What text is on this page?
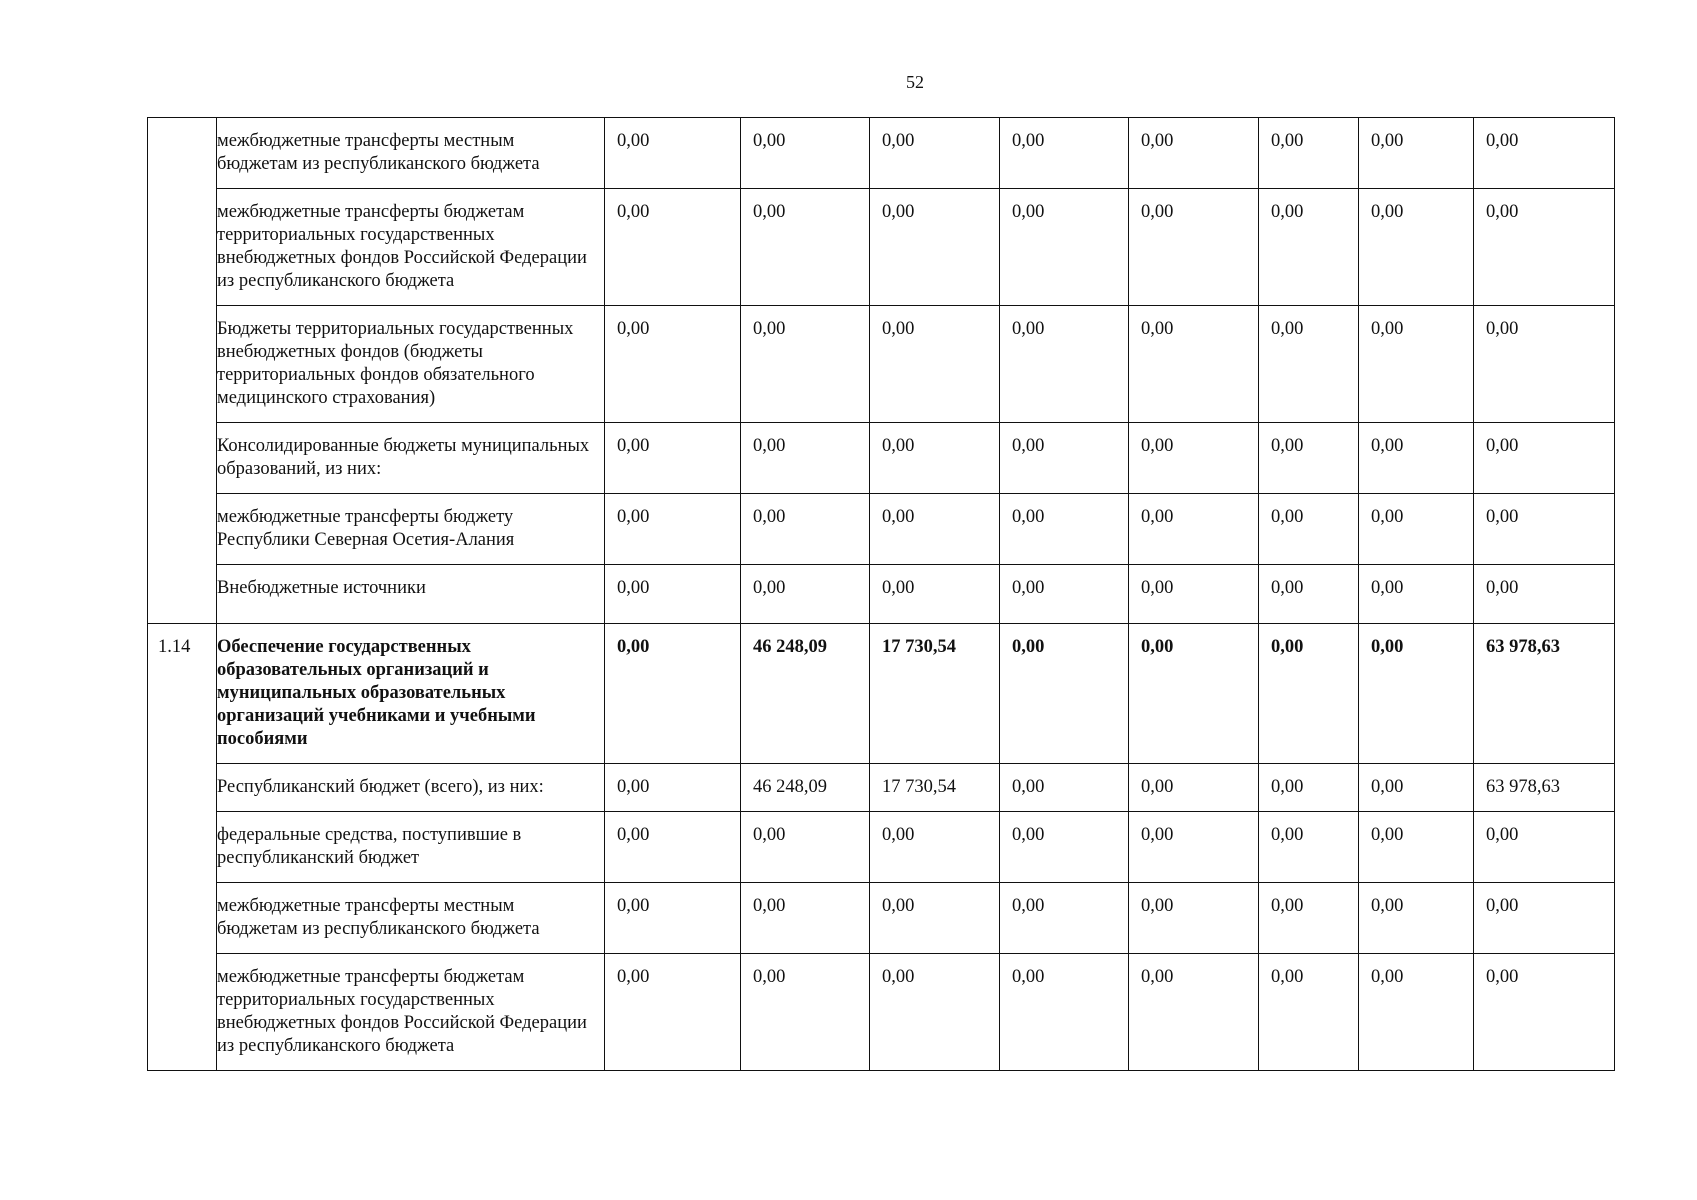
52
	межбюджетные трансферты местным бюджетам из республиканского бюджета	0,00	0,00	0,00	0,00	0,00	0,00	0,00	0,00
	межбюджетные трансферты бюджетам территориальных государственных внебюджетных фондов Российской Федерации из республиканского бюджета	0,00	0,00	0,00	0,00	0,00	0,00	0,00	0,00
	Бюджеты территориальных государственных внебюджетных фондов (бюджеты территориальных фондов обязательного медицинского страхования)	0,00	0,00	0,00	0,00	0,00	0,00	0,00	0,00
	Консолидированные бюджеты муниципальных образований, из них:	0,00	0,00	0,00	0,00	0,00	0,00	0,00	0,00
	межбюджетные трансферты бюджету Республики Северная Осетия-Алания	0,00	0,00	0,00	0,00	0,00	0,00	0,00	0,00
	Внебюджетные источники	0,00	0,00	0,00	0,00	0,00	0,00	0,00	0,00
1.14	Обеспечение государственных образовательных организаций и муниципальных образовательных организаций учебниками и учебными пособиями	0,00	46 248,09	17 730,54	0,00	0,00	0,00	0,00	63 978,63
	Республиканский бюджет (всего), из них:	0,00	46 248,09	17 730,54	0,00	0,00	0,00	0,00	63 978,63
	федеральные средства, поступившие в республиканский бюджет	0,00	0,00	0,00	0,00	0,00	0,00	0,00	0,00
	межбюджетные трансферты местным бюджетам из республиканского бюджета	0,00	0,00	0,00	0,00	0,00	0,00	0,00	0,00
	межбюджетные трансферты бюджетам территориальных государственных внебюджетных фондов Российской Федерации из республиканского бюджета	0,00	0,00	0,00	0,00	0,00	0,00	0,00	0,00
